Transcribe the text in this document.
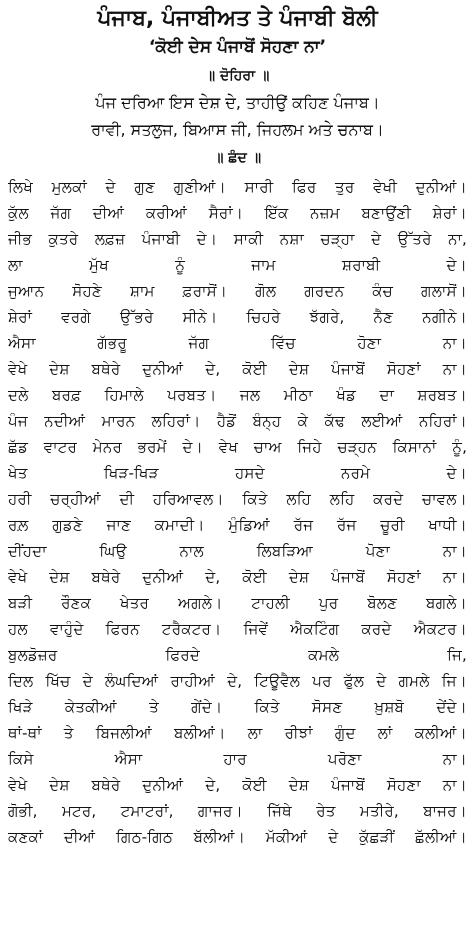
ਪੰਜਾਬ, ਪੰਜਾਬੀਅਤ ਤੇ ਪੰਜਾਬੀ ਬੋਲੀ
‘ਕੋਈ ਦੇਸ ਪੰਜਾਬੋਂ ਸੋਹਣਾ ਨਾ’
॥ ਦੋਹਿਰਾ ॥
ਪੰਜ ਦਰਿਆ ਇਸ ਦੇਸ਼ ਦੇ, ਤਾਹੀਉਂ ਕਹਿਣ ਪੰਜਾਬ।
ਰਾਵੀ, ਸਤਲੁਜ, ਬਿਆਸ ਜੀ, ਜਿਹਲਮ ਅਤੇ ਚਨਾਬ।
॥ ਛੰਦ ॥
ਲਿਖੇ ਮੁਲਕਾਂ ਦੇ ਗੁਣ ਗੁਣੀਆਂ। ਸਾਰੀ ਫਿਰ ਤੁਰ ਵੇਖੀ ਦੁਨੀਆਂ।
ਕੁੱਲ ਜੱਗ ਦੀਆਂ ਕਰੀਆਂ ਸੈਰਾਂ। ਇੱਕ ਨਜ਼ਮ ਬਣਾਉਂਣੀ ਸ਼ੇਰਾਂ।
ਜੀਭ ਕੁਤਰੇ ਲਫ਼ਜ਼ ਪੰਜਾਬੀ ਦੇ। ਸਾਕੀ ਨਸ਼ਾ ਚੜ੍ਹਾ ਦੇ ਉੱਤਰੇ ਨਾ,
ਲਾ ਮੁੱਖ ਨੂੰ ਜਾਮ ਸ਼ਰਾਬੀ ਦੇ।
ਜੁਆਨ ਸੋਹਣੇ ਸ਼ਾਮ ਫ਼ਰਾਸੋਂ। ਗੋਲ ਗਰਦਨ ਕੰਚ ਗਲਾਸੋਂ।
ਸ਼ੇਰਾਂ ਵਰਗੇ ਉੱਭਰੇ ਸੀਨੇ। ਚਿਹਰੇ ਝੱਗਰੇ, ਨੈਣ ਨਗੀਨੇ।
ਐਸਾ ਗੱਭਰੂ ਜੱਗ ਵਿੱਚ ਹੋਣਾ ਨਾ।
ਵੇਖੇ ਦੇਸ਼ ਬਥੇਰੇ ਦੁਨੀਆਂ ਦੇ, ਕੋਈ ਦੇਸ਼ ਪੰਜਾਬੋਂ ਸੋਹਣਾਂ ਨਾ।
ਦਲੇ ਬਰਫ਼ ਹਿਮਾਲੇ ਪਰਬਤ। ਜਲ ਮੀਠਾ ਖੰਡ ਦਾ ਸ਼ਰਬਤ।
ਪੰਜ ਨਦੀਆਂ ਮਾਰਨ ਲਹਿਰਾਂ। ਹੈਡੋਂ ਬੰਨ੍ਹ ਕੇ ਕੱਢ ਲਈਆਂ ਨਹਿਰਾਂ।
ਛੱਡ ਵਾਟਰ ਮੇਨਰ ਭਰਮੇਂ ਦੇ। ਵੇਖ ਚਾਅ ਜਿਹੇ ਚੜ੍ਹਨ ਕਿਸਾਨਾਂ ਨੂੰ,
ਖੇਤ ਖਿੜ-ਖਿੜ ਹਸਦੇ ਨਰਮੇ ਦੇ।
ਹਰੀ ਚਰ੍ਹੀਆਂ ਦੀ ਹਰਿਆਵਲ। ਕਿਤੇ ਲਹਿ ਲਹਿ ਕਰਦੇ ਚਾਵਲ।
ਰਲ਼ ਗੁਡਣੇ ਜਾਣ ਕਮਾਦੀ। ਮੁੰਡਿਆਂ ਰੱਜ ਰੱਜ ਚੂਰੀ ਖਾਧੀ।
ਦੀਂਹਦਾ ਘਿਉ ਨਾਲ ਲਿਬੜਿਆ ਪੋਣਾ ਨਾ।
ਵੇਖੇ ਦੇਸ਼ ਬਥੇਰੇ ਦੁਨੀਆਂ ਦੇ, ਕੋਈ ਦੇਸ਼ ਪੰਜਾਬੋਂ ਸੋਹਣਾਂ ਨਾ।
ਬੜੀ ਰੌਣਕ ਖੇਤਰ ਅਗਲੇ। ਟਾਹਲੀ ਪੁਰ ਬੋਲਣ ਬਗਲੇ।
ਹਲ ਵਾਹੁੰਦੇ ਫਿਰਨ ਟਰੈਕਟਰ। ਜਿਵੇਂ ਐਕਟਿੰਗ ਕਰਦੇ ਐਕਟਰ।
ਬੁਲਡੋਜ਼ਰ ਫਿਰਦੇ ਕਮਲੇ ਜਿ,
ਦਿਲ ਖਿੱਚ ਦੇ ਲੰਘਦਿਆਂ ਰਾਹੀਆਂ ਦੇ, ਟਿਊਵੈਲ ਪਰ ਫੁੱਲ ਦੇ ਗਮਲੇ ਜਿ।
ਖਿੜੇ ਕੇਤਕੀਆਂ ਤੇ ਗੇਂਦੇ। ਕਿਤੇ ਸੋਸਣ ਖ਼ੁਸ਼ਬੋ ਦੇਂਦੇ।
ਥਾਂ-ਥਾਂ ਤੇ ਬਿਜਲੀਆਂ ਬਲੀਆਂ। ਲਾ ਰੀਝਾਂ ਗੁੰਦ ਲਾਂ ਕਲੀਆਂ।
ਕਿਸੇ ਐਸਾ ਹਾਰ ਪਰੋਣਾ ਨਾ।
ਵੇਖੇ ਦੇਸ਼ ਬਥੇਰੇ ਦੁਨੀਆਂ ਦੇ, ਕੋਈ ਦੇਸ਼ ਪੰਜਾਬੋਂ ਸੋਹਣਾ ਨਾ।
ਗੋਭੀ, ਮਟਰ, ਟਮਾਟਰਾਂ, ਗਾਜਰ। ਜਿੱਥੇ ਰੇਤ ਮਤੀਰੇ, ਬਾਜਰ।
ਕਣਕਾਂ ਦੀਆਂ ਗਿਠ-ਗਿਠ ਬੱਲੀਆਂ। ਮੱਕੀਆਂ ਦੇ ਕੁੱਛੜੀਂ ਛੱਲੀਆਂ।
